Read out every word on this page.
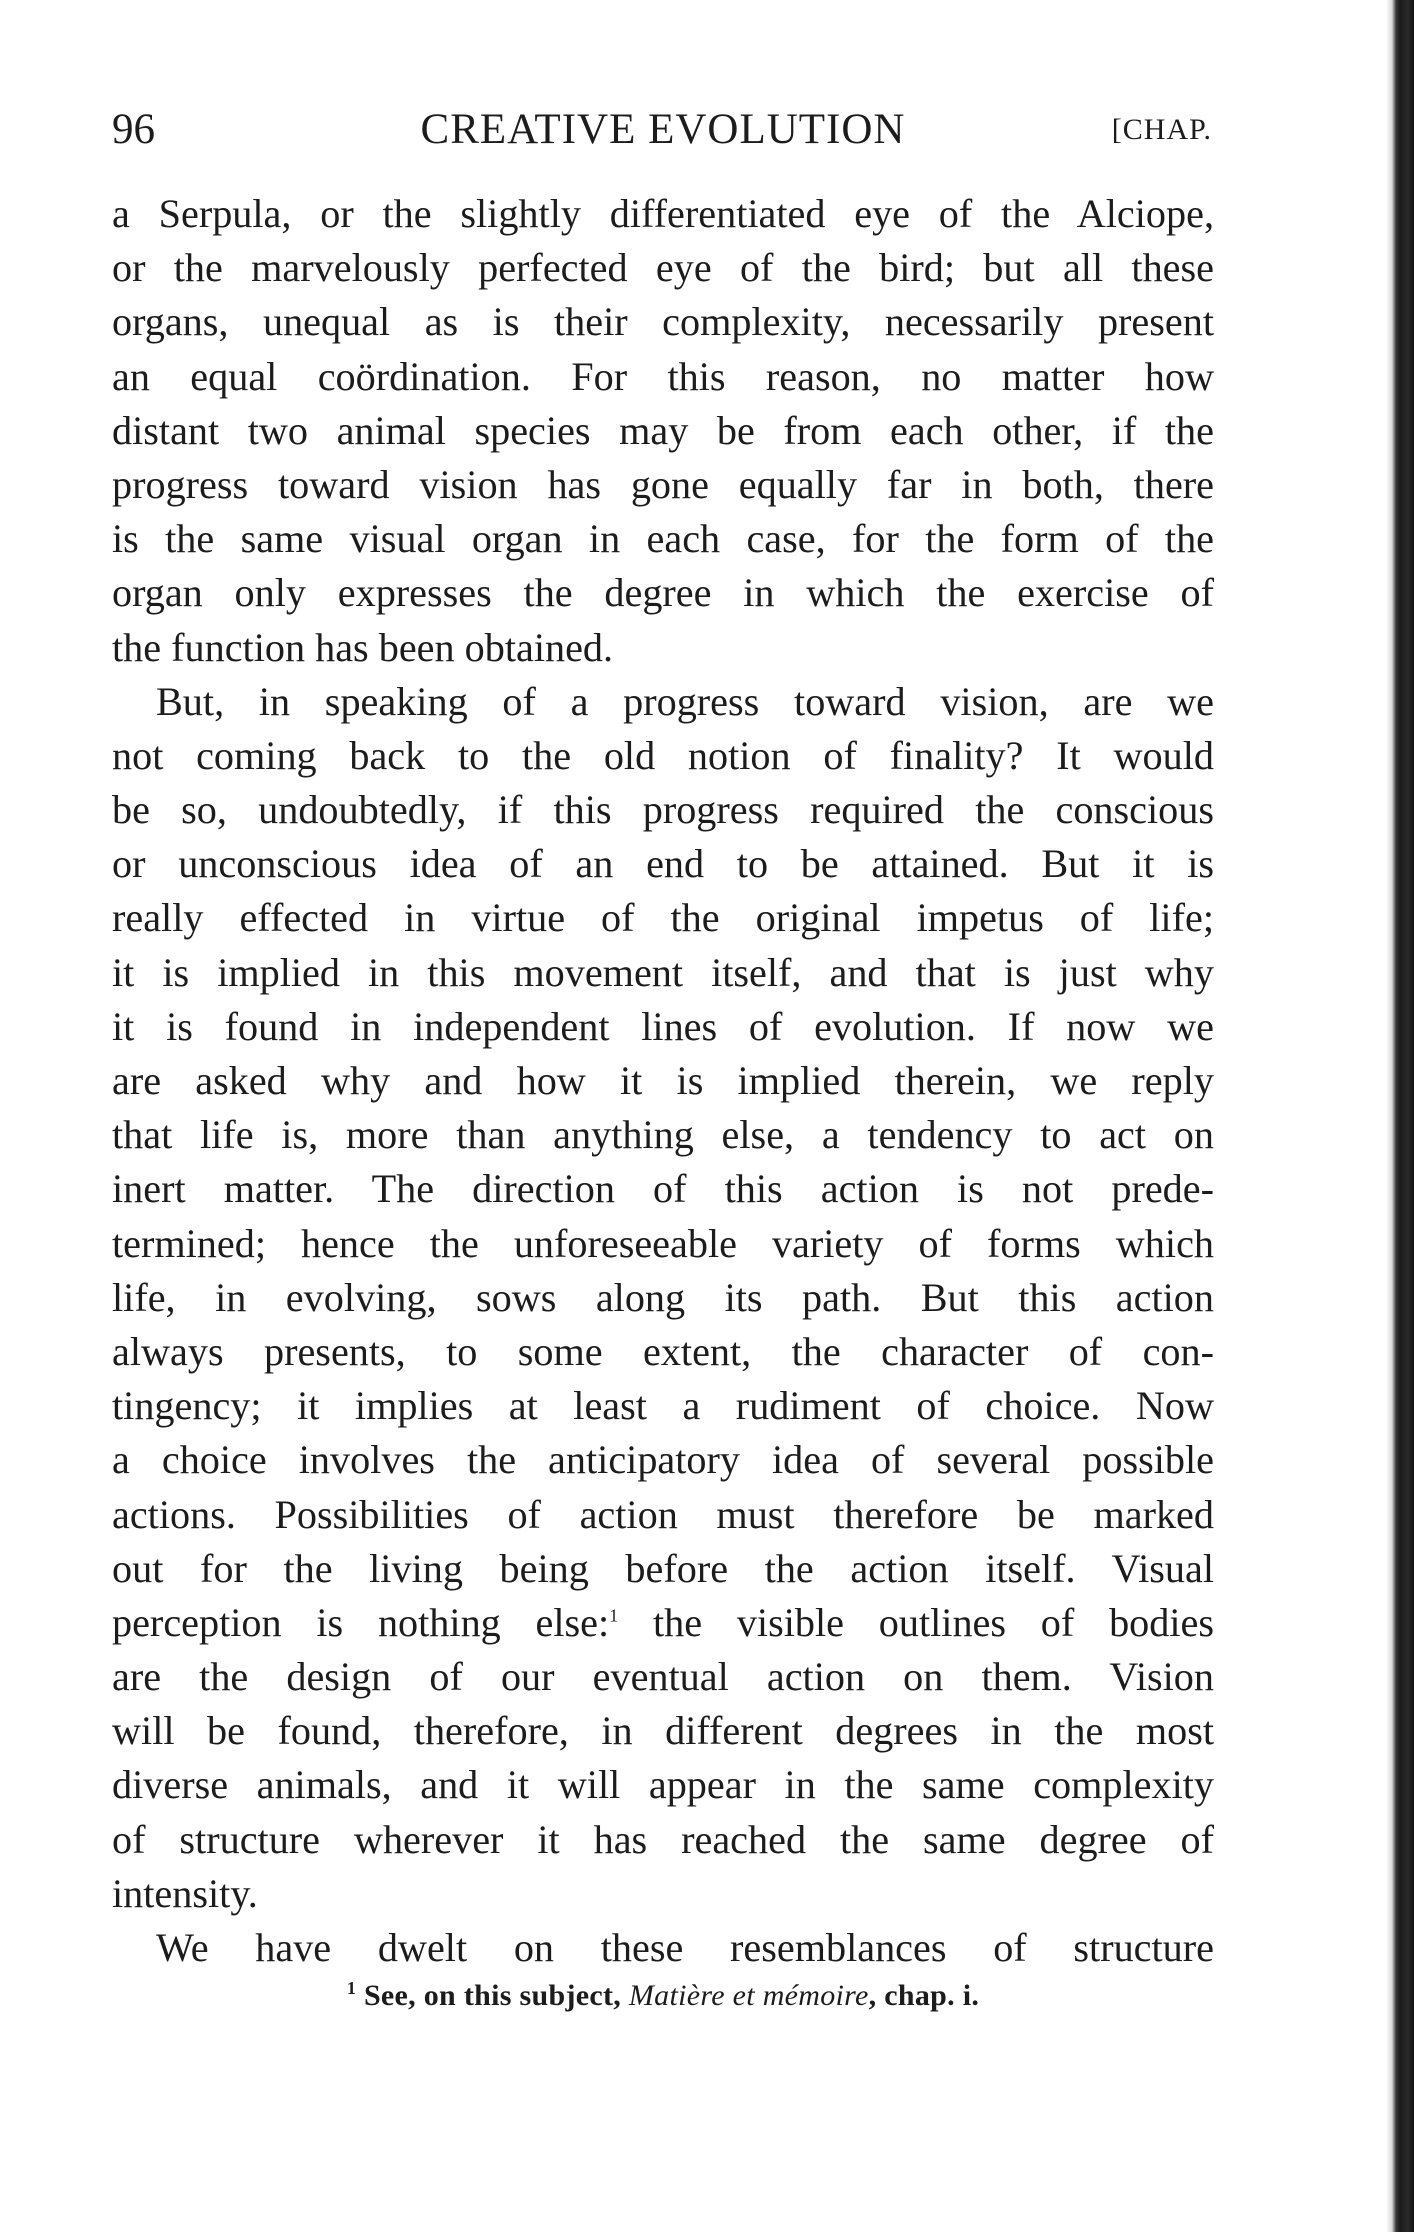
96	CREATIVE EVOLUTION	[CHAP.
a Serpula, or the slightly differentiated eye of the Alciope,
or the marvelously perfected eye of the bird; but all these
organs, unequal as is their complexity, necessarily present
an equal coördination. For this reason, no matter how
distant two animal species may be from each other, if the
progress toward vision has gone equally far in both, there
is the same visual organ in each case, for the form of the
organ only expresses the degree in which the exercise of
the function has been obtained.
But, in speaking of a progress toward vision, are we
not coming back to the old notion of finality? It would
be so, undoubtedly, if this progress required the conscious
or unconscious idea of an end to be attained. But it is
really effected in virtue of the original impetus of life;
it is implied in this movement itself, and that is just why
it is found in independent lines of evolution. If now we
are asked why and how it is implied therein, we reply
that life is, more than anything else, a tendency to act on
inert matter. The direction of this action is not prede-
termined; hence the unforeseeable variety of forms which
life, in evolving, sows along its path. But this action
always presents, to some extent, the character of con-
tingency; it implies at least a rudiment of choice. Now
a choice involves the anticipatory idea of several possible
actions. Possibilities of action must therefore be marked
out for the living being before the action itself. Visual
perception is nothing else:$^1$ the visible outlines of bodies
are the design of our eventual action on them. Vision
will be found, therefore, in different degrees in the most
diverse animals, and it will appear in the same complexity
of structure wherever it has reached the same degree of
intensity.
We have dwelt on these resemblances of structure
$^1$ See, on this subject, Matière et mémoire, chap. i.
